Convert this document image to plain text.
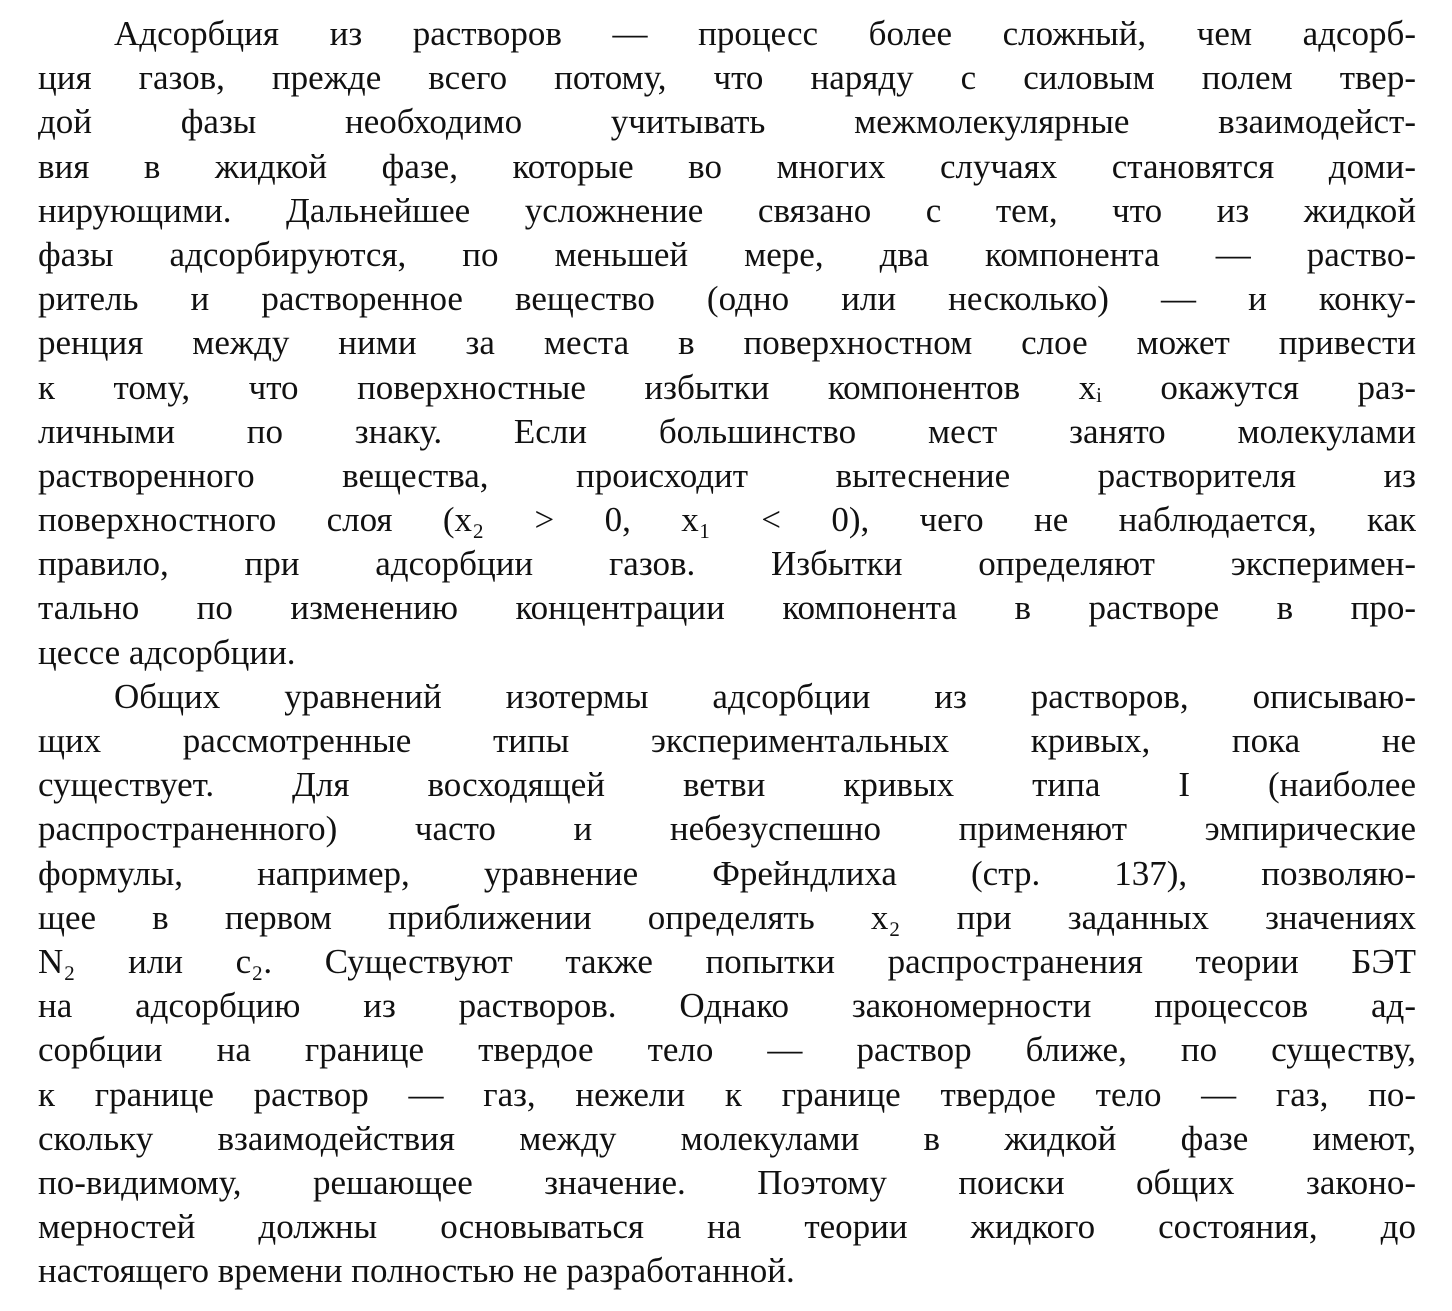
Адсорбция из растворов — процесс более сложный, чем адсорб-
ция газов, прежде всего потому, что наряду с силовым полем твер-
дой фазы необходимо учитывать межмолекулярные взаимодейст-
вия в жидкой фазе, которые во многих случаях становятся доми-
нирующими. Дальнейшее усложнение связано с тем, что из жидкой
фазы адсорбируются, по меньшей мере, два компонента — раство-
ритель и растворенное вещество (одно или несколько) — и конку-
ренция между ними за места в поверхностном слое может привести
к тому, что поверхностные избытки компонентов xᵢ окажутся раз-
личными по знаку. Если большинство мест занято молекулами
растворенного вещества, происходит вытеснение растворителя из
поверхностного слоя (x₂ > 0, x₁ < 0), чего не наблюдается, как
правило, при адсорбции газов. Избытки определяют эксперимен-
тально по изменению концентрации компонента в растворе в про-
цессе адсорбции.
Общих уравнений изотермы адсорбции из растворов, описываю-
щих рассмотренные типы экспериментальных кривых, пока не
существует. Для восходящей ветви кривых типа I (наиболее
распространенного) часто и небезуспешно применяют эмпирические
формулы, например, уравнение Фрейндлиха (стр. 137), позволяю-
щее в первом приближении определять x₂ при заданных значениях
N₂ или c₂. Существуют также попытки распространения теории БЭТ
на адсорбцию из растворов. Однако закономерности процессов ад-
сорбции на границе твердое тело — раствор ближе, по существу,
к границе раствор — газ, нежели к границе твердое тело — газ, по-
скольку взаимодействия между молекулами в жидкой фазе имеют,
по-видимому, решающее значение. Поэтому поиски общих законо-
мерностей должны основываться на теории жидкого состояния, до
настоящего времени полностью не разработанной.
